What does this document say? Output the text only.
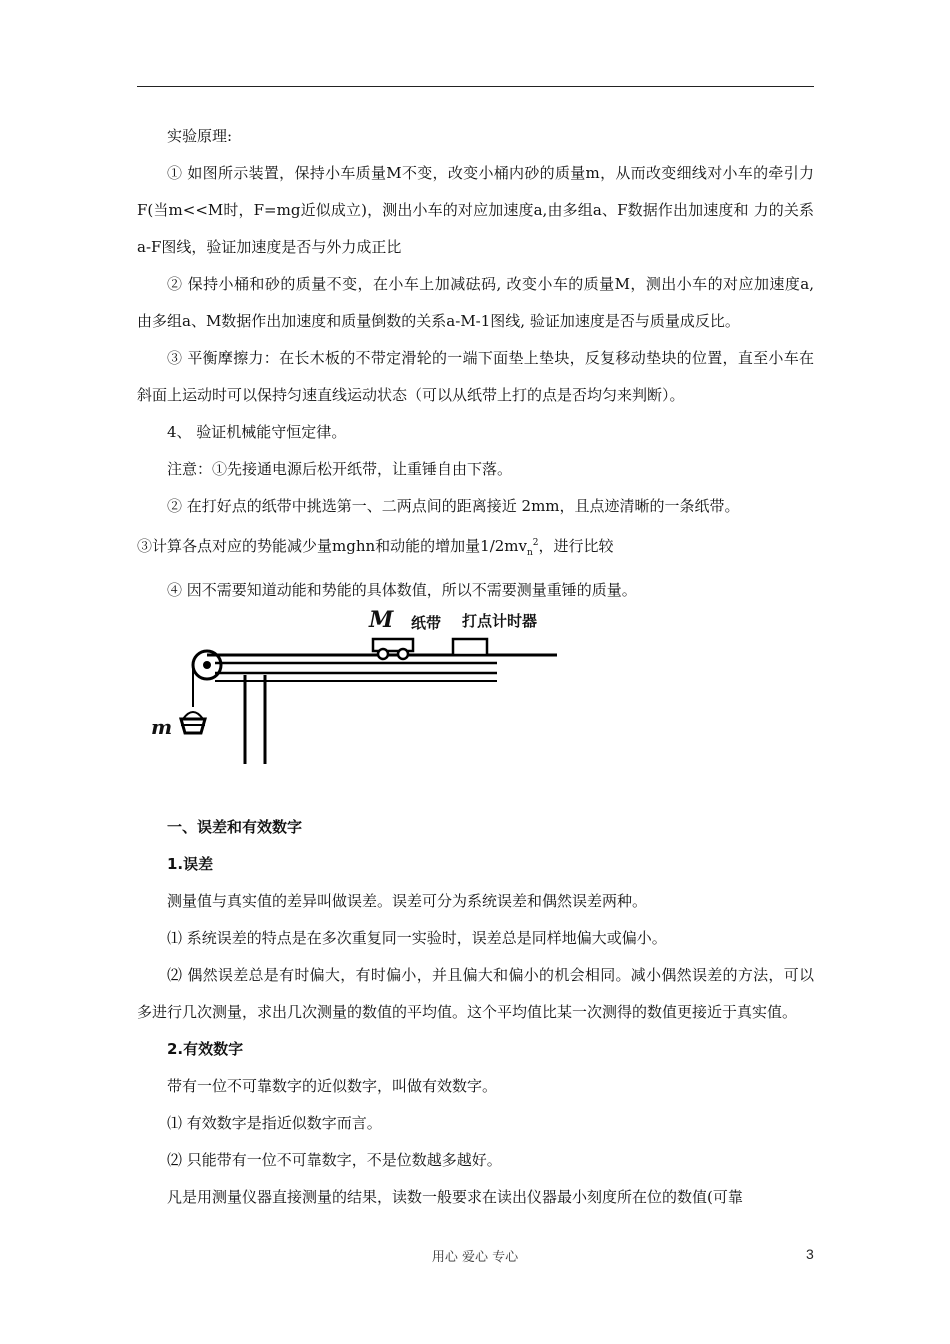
实验原理:

① 如图所示装置，保持小车质量M不变，改变小桶内砂的质量m，从而改变细线对小车的牵引力F(当m<<M时，F=mg近似成立)，测出小车的对应加速度a,由多组a、F数据作出加速度和 力的关系a-F图线，验证加速度是否与外力成正比

② 保持小桶和砂的质量不变，在小车上加减砝码, 改变小车的质量M，测出小车的对应加速度a, 由多组a、M数据作出加速度和质量倒数的关系a-M-1图线, 验证加速度是否与质量成反比。

③ 平衡摩擦力：在长木板的不带定滑轮的一端下面垫上垫块，反复移动垫块的位置，直至小车在斜面上运动时可以保持匀速直线运动状态（可以从纸带上打的点是否均匀来判断）。

4、 验证机械能守恒定律。

注意：①先接通电源后松开纸带，让重锤自由下落。

② 在打好点的纸带中挑选第一、二两点间的距离接近 2mm，且点迹清晰的一条纸带。

③计算各点对应的势能减少量mghn和动能的增加量$1/2mv_n^2$，进行比较

④ 因不需要知道动能和势能的具体数值，所以不需要测量重锤的质量。

M 纸带 打点计时器
m

一、误差和有效数字

1.误差

测量值与真实值的差异叫做误差。误差可分为系统误差和偶然误差两种。

⑴ 系统误差的特点是在多次重复同一实验时，误差总是同样地偏大或偏小。

⑵ 偶然误差总是有时偏大，有时偏小，并且偏大和偏小的机会相同。减小偶然误差的方法，可以多进行几次测量，求出几次测量的数值的平均值。这个平均值比某一次测得的数值更接近于真实值。

2.有效数字

带有一位不可靠数字的近似数字，叫做有效数字。

⑴ 有效数字是指近似数字而言。

⑵ 只能带有一位不可靠数字，不是位数越多越好。

凡是用测量仪器直接测量的结果，读数一般要求在读出仪器最小刻度所在位的数值(可靠

用心 爱心 专心	3
